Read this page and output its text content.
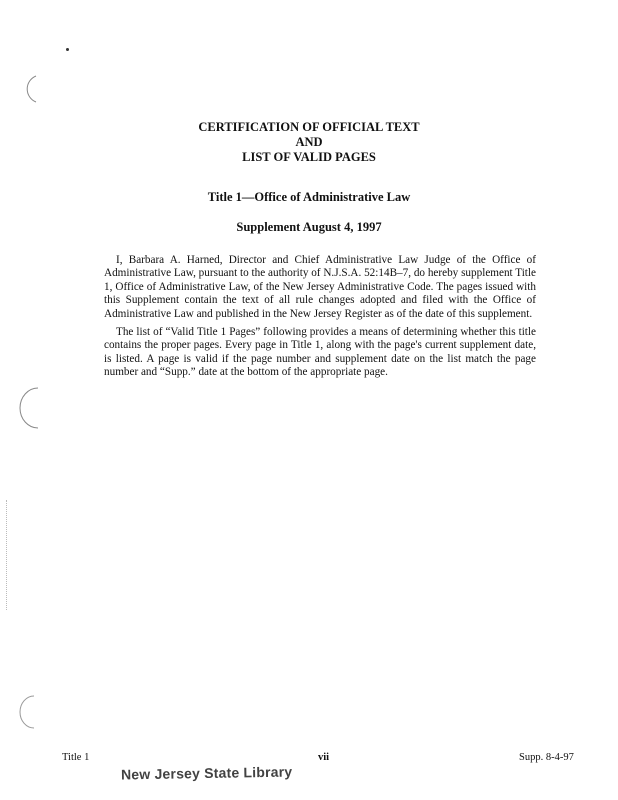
CERTIFICATION OF OFFICIAL TEXT
AND
LIST OF VALID PAGES
Title 1—Office of Administrative Law
Supplement August 4, 1997

I, Barbara A. Harned, Director and Chief Administrative Law Judge of the Office of Administrative Law, pursuant to the authority of N.J.S.A. 52:14B–7, do hereby supplement Title 1, Office of Administrative Law, of the New Jersey Administrative Code. The pages issued with this Supplement contain the text of all rule changes adopted and filed with the Office of Administrative Law and published in the New Jersey Register as of the date of this supplement.

The list of “Valid Title 1 Pages” following provides a means of determining whether this title contains the proper pages. Every page in Title 1, along with the page's current supplement date, is listed. A page is valid if the page number and supplement date on the list match the page number and “Supp.” date at the bottom of the appropriate page.

Title 1	vii	Supp. 8-4-97
New Jersey State Library
